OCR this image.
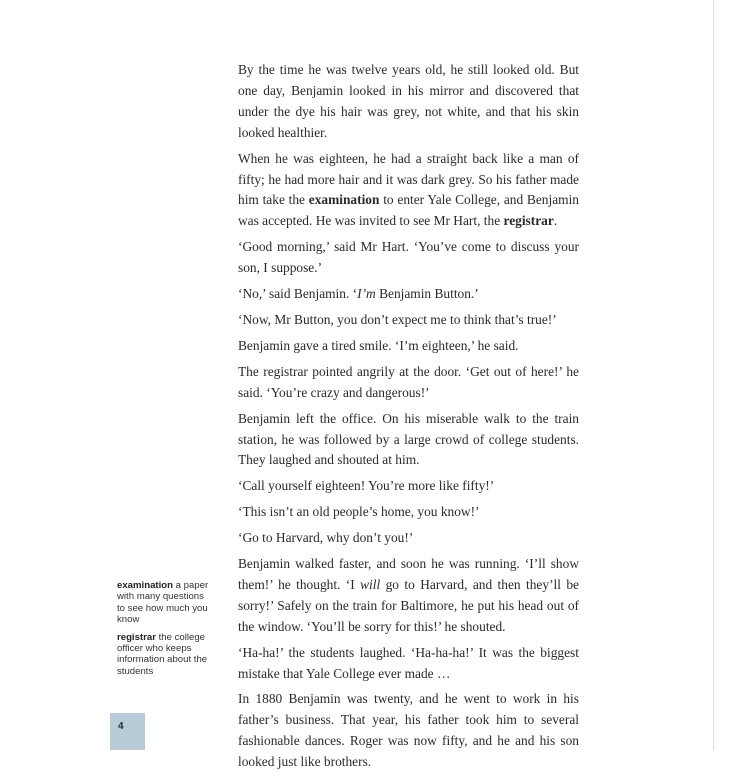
By the time he was twelve years old, he still looked old. But one day, Benjamin looked in his mirror and discovered that under the dye his hair was grey, not white, and that his skin looked healthier.

When he was eighteen, he had a straight back like a man of fifty; he had more hair and it was dark grey. So his father made him take the examination to enter Yale College, and Benjamin was accepted. He was invited to see Mr Hart, the registrar.

‘Good morning,’ said Mr Hart. ‘You’ve come to discuss your son, I suppose.’

‘No,’ said Benjamin. ‘I’m Benjamin Button.’

‘Now, Mr Button, you don’t expect me to think that’s true!’

Benjamin gave a tired smile. ‘I’m eighteen,’ he said.

The registrar pointed angrily at the door. ‘Get out of here!’ he said. ‘You’re crazy and dangerous!’

Benjamin left the office. On his miserable walk to the train station, he was followed by a large crowd of college students. They laughed and shouted at him.

‘Call yourself eighteen! You’re more like fifty!’

‘This isn’t an old people’s home, you know!’

‘Go to Harvard, why don’t you!’

Benjamin walked faster, and soon he was running. ‘I’ll show them!’ he thought. ‘I will go to Harvard, and then they’ll be sorry!’ Safely on the train for Baltimore, he put his head out of the window. ‘You’ll be sorry for this!’ he shouted.

‘Ha-ha!’ the students laughed. ‘Ha-ha-ha!’ It was the biggest mistake that Yale College ever made …

In 1880 Benjamin was twenty, and he went to work in his father’s business. That year, his father took him to several fashionable dances. Roger was now fifty, and he and his son looked just like brothers.

examination a paper with many questions to see how much you know
registrar the college officer who keeps information about the students
4
